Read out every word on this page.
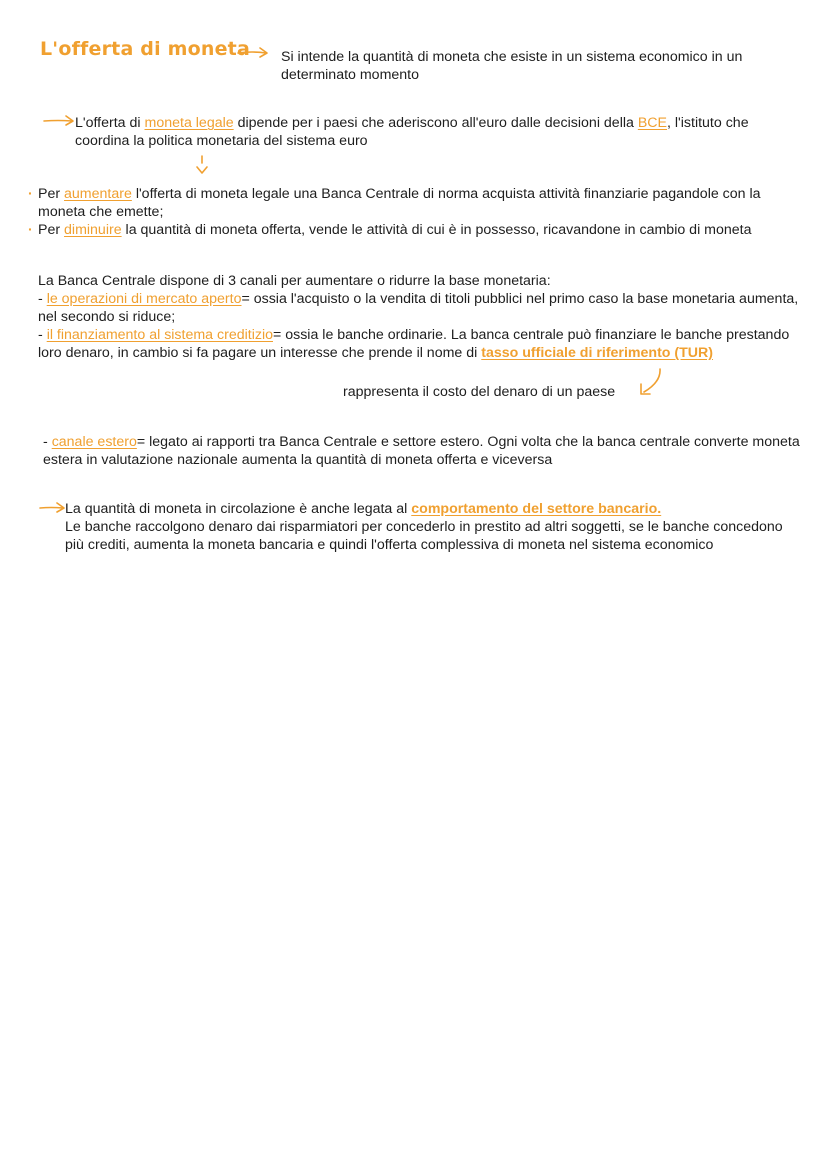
L'offerta di moneta Si intende la quantità di moneta che esiste in un sistema economico in un determinato momento

L'offerta di moneta legale dipende per i paesi che aderiscono all'euro dalle decisioni della BCE, l'istituto che coordina la politica monetaria del sistema euro

· Per aumentare l'offerta di moneta legale una Banca Centrale di norma acquista attività finanziarie pagandole con la moneta che emette;

· Per diminuire la quantità di moneta offerta, vende le attività di cui è in possesso, ricavandone in cambio di moneta

La Banca Centrale dispone di 3 canali per aumentare o ridurre la base monetaria:

- le operazioni di mercato aperto= ossia l'acquisto o la vendita di titoli pubblici nel primo caso la base monetaria aumenta, nel secondo si riduce;

- il finanziamento al sistema creditizio= ossia le banche ordinarie. La banca centrale può finanziare le banche prestando loro denaro, in cambio si fa pagare un interesse che prende il nome di tasso ufficiale di riferimento (TUR)

rappresenta il costo del denaro di un paese

- canale estero= legato ai rapporti tra Banca Centrale e settore estero. Ogni volta che la banca centrale converte moneta estera in valutazione nazionale aumenta la quantità di moneta offerta e viceversa

La quantità di moneta in circolazione è anche legata al comportamento del settore bancario.
Le banche raccolgono denaro dai risparmiatori per concederlo in prestito ad altri soggetti, se le banche concedono più crediti, aumenta la moneta bancaria e quindi l'offerta complessiva di moneta nel sistema economico
